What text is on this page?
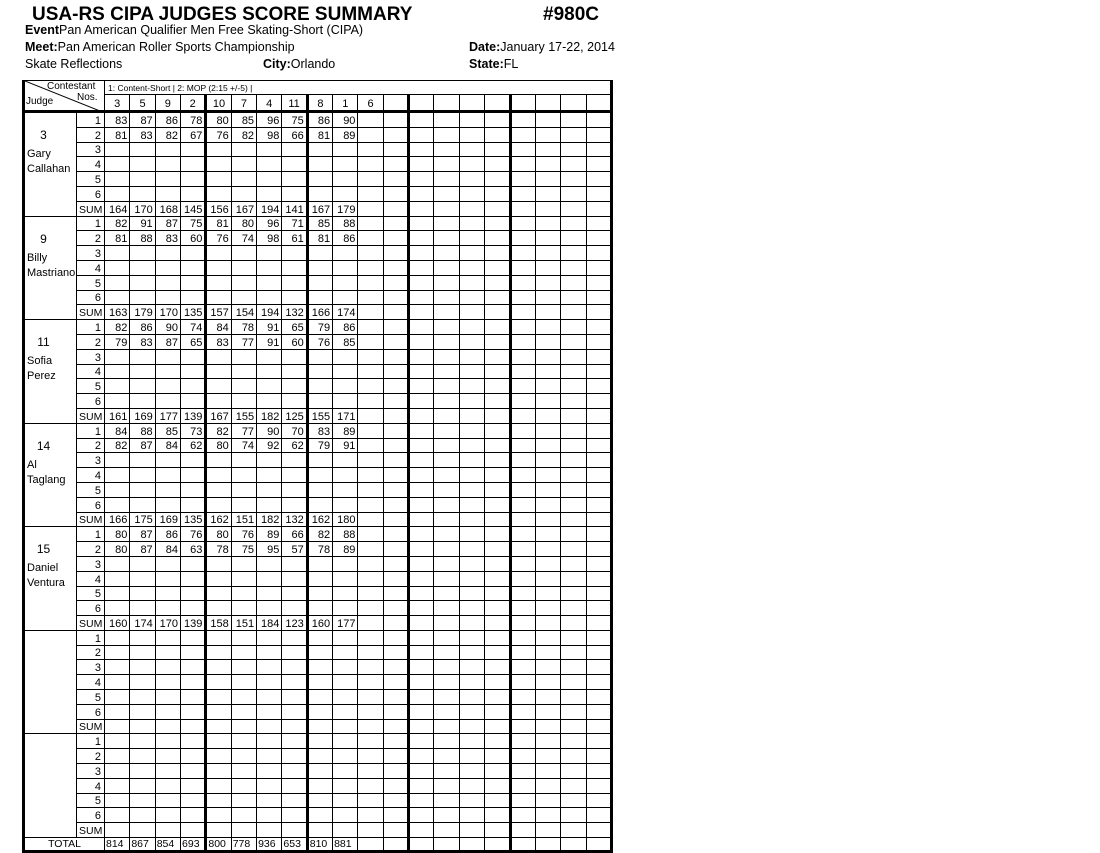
USA-RS CIPA JUDGES SCORE SUMMARY	#980C
EventPan American Qualifier Men Free Skating-Short (CIPA)
Meet:Pan American Roller Sports Championship	Date:January 17-22, 2014
Skate Reflections	City:Orlando	State:FL
Contestant
Nos.
Judge		1: Content-Short | 2: MOP (2:15 +/-5) |																			
		3	5	9	2	10	7	4	11	8	1	6									

3
Gary
Callahan	1	83	87	86	78	80	85	96	75	86	90										
	2	81	83	82	67	76	82	98	66	81	89										
	3																				
	4																				
	5																				
	6																				
	SUM	164	170	168	145	156	167	194	141	167	179										

9
Billy
Mastriano	1	82	91	87	75	81	80	96	71	85	88										
	2	81	88	83	60	76	74	98	61	81	86										
	3																				
	4																				
	5																				
	6																				
	SUM	163	179	170	135	157	154	194	132	166	174										

11
Sofia
Perez	1	82	86	90	74	84	78	91	65	79	86										
	2	79	83	87	65	83	77	91	60	76	85										
	3																				
	4																				
	5																				
	6																				
	SUM	161	169	177	139	167	155	182	125	155	171										

14
Al
Taglang	1	84	88	85	73	82	77	90	70	83	89										
	2	82	87	84	62	80	74	92	62	79	91										
	3																				
	4																				
	5																				
	6																				
	SUM	166	175	169	135	162	151	182	132	162	180										

15
Daniel
Ventura	1	80	87	86	76	80	76	89	66	82	88										
	2	80	87	84	63	78	75	95	57	78	89										
	3																				
	4																				
	5																				
	6																				
	SUM	160	174	170	139	158	151	184	123	160	177										

	1																				
	2																				
	3																				
	4																				
	5																				
	6																				
	SUM																				

	1																				
	2																				
	3																				
	4																				
	5																				
	6																				
	SUM																				
TOTAL		814	867	854	693	800	778	936	653	810	881										
